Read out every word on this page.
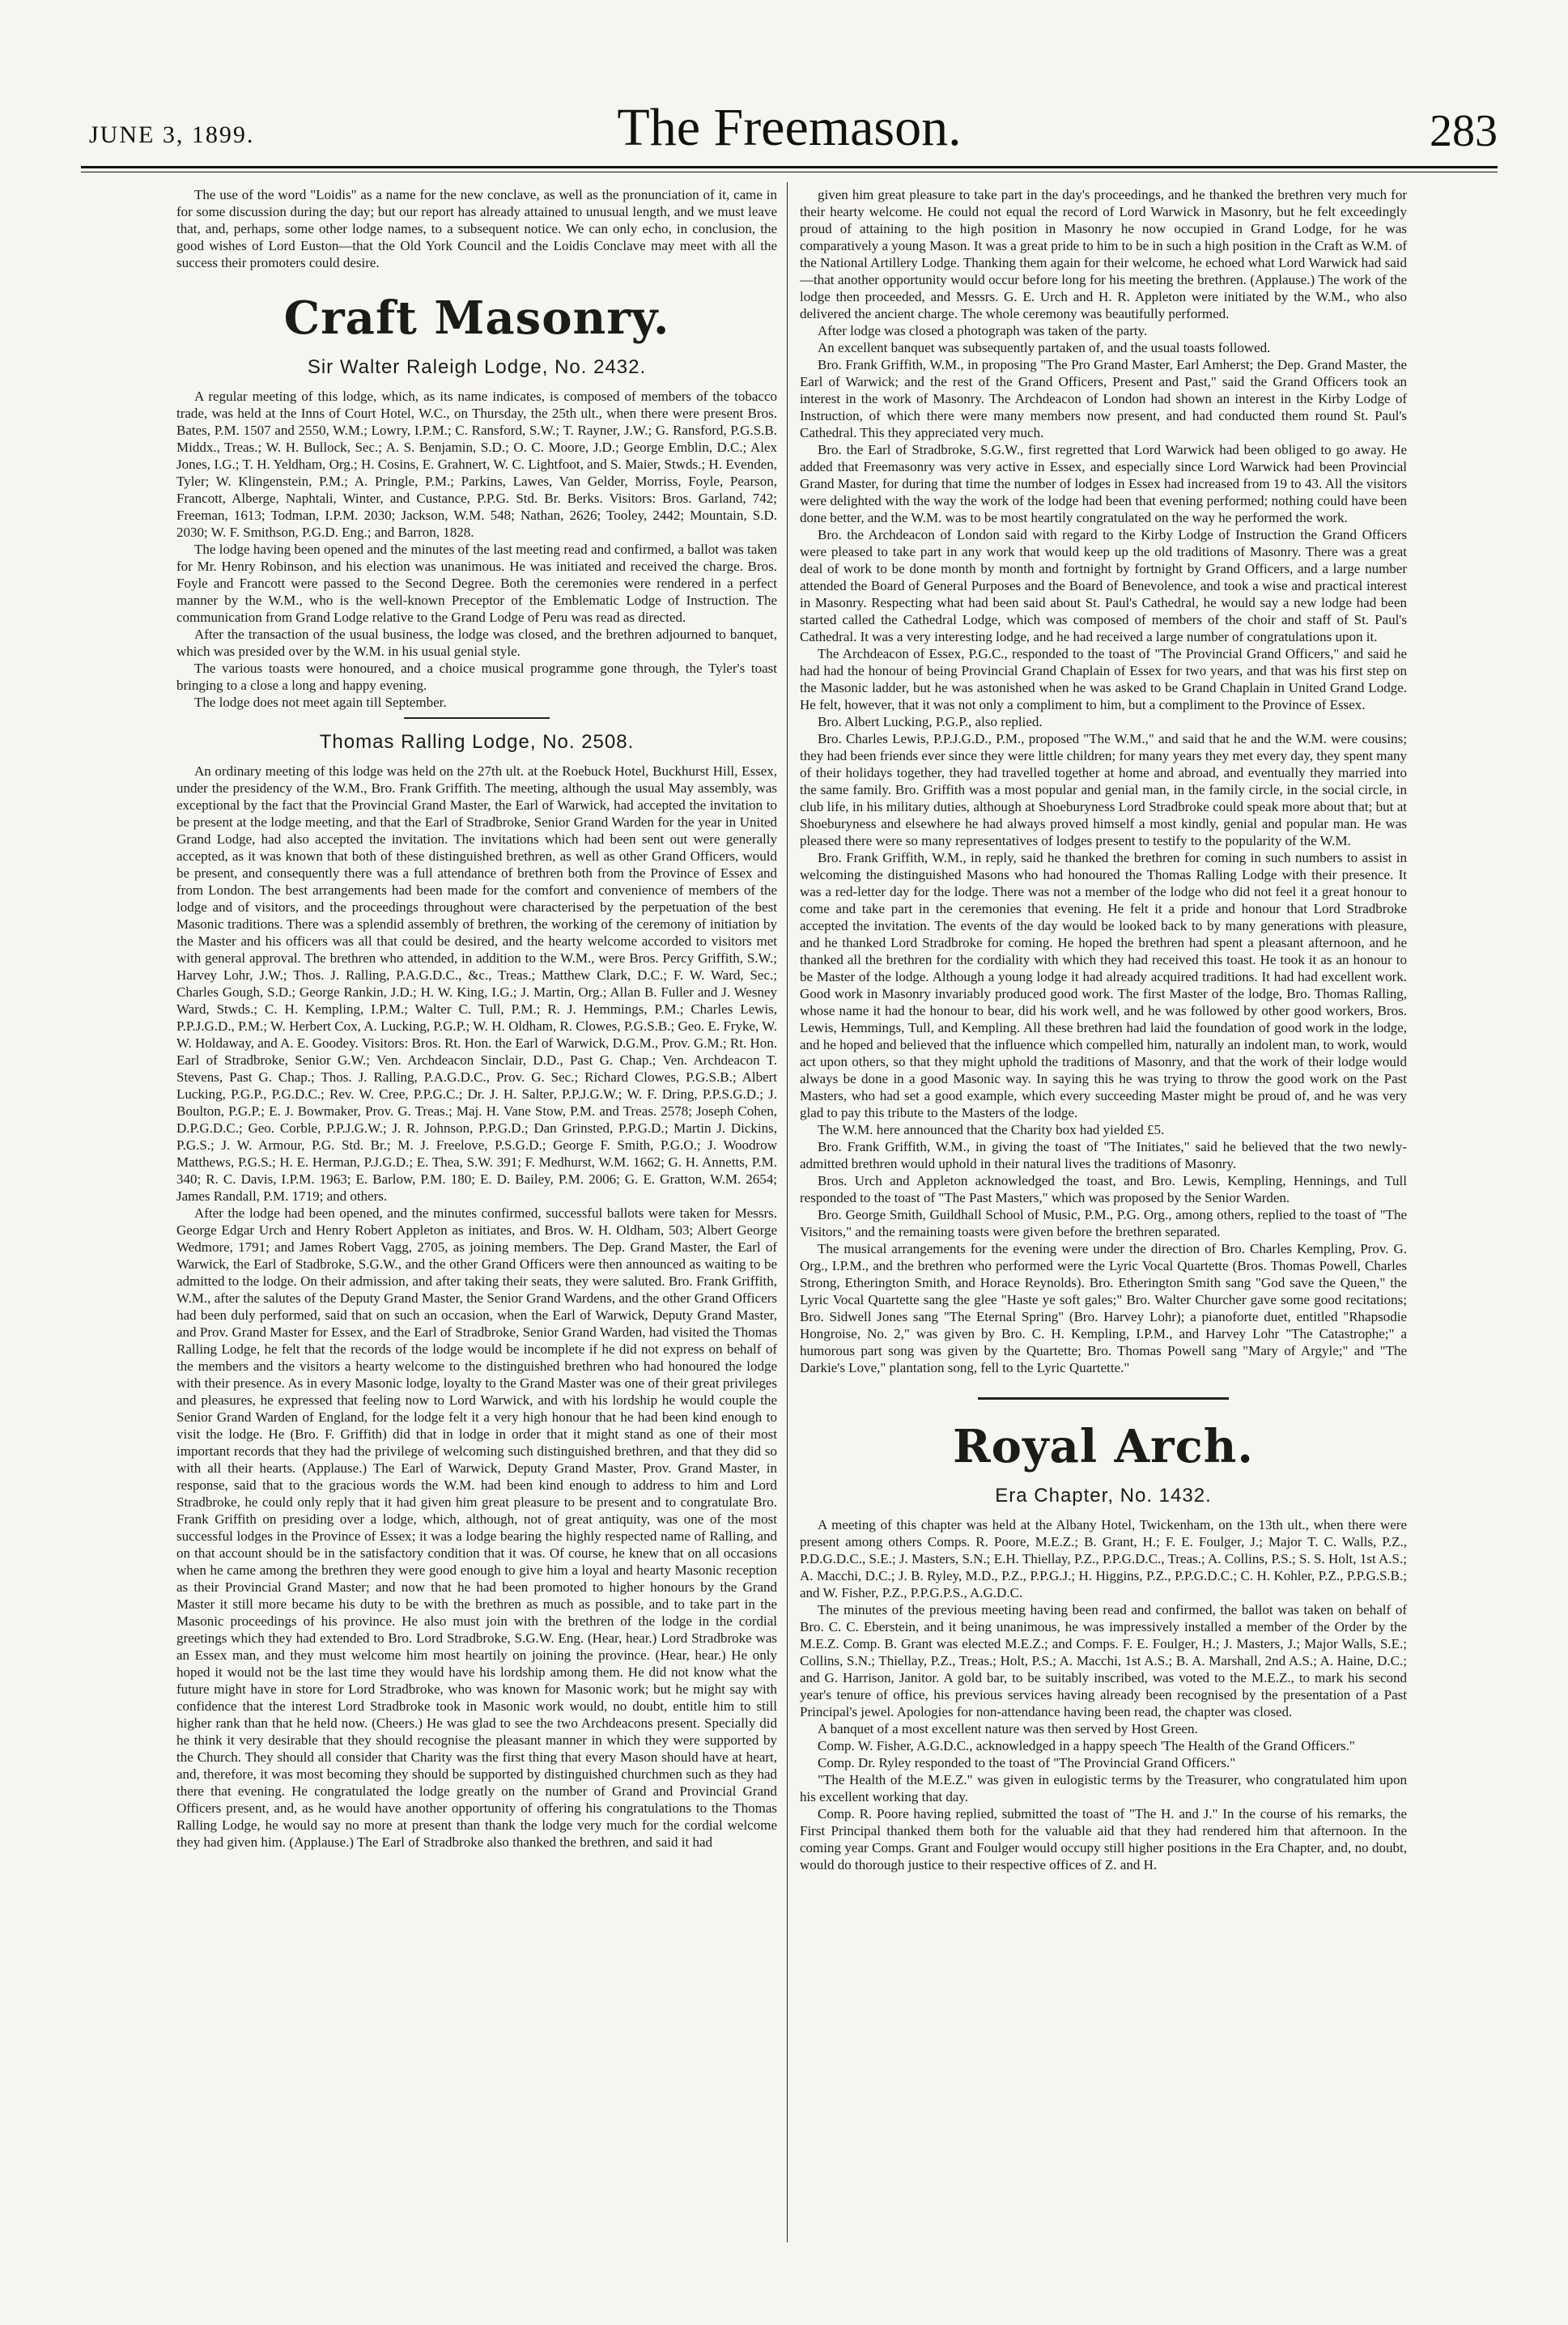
JUNE 3, 1899.	The Freemason.	283

The use of the word "Loidis" as a name for the new conclave, as well as the pronunciation of it, came in for some discussion during the day; but our report has already attained to unusual length, and we must leave that, and, perhaps, some other lodge names, to a subsequent notice. We can only echo, in conclusion, the good wishes of Lord Euston—that the Old York Council and the Loidis Conclave may meet with all the success their promoters could desire.

Craft Masonry.
Sir Walter Raleigh Lodge, No. 2432.

A regular meeting of this lodge, which, as its name indicates, is composed of members of the tobacco trade, was held at the Inns of Court Hotel, W.C., on Thursday, the 25th ult., when there were present Bros. Bates, P.M. 1507 and 2550, W.M.; Lowry, I.P.M.; C. Ransford, S.W.; T. Rayner, J.W.; G. Ransford, P.G.S.B. Middx., Treas.; W. H. Bullock, Sec.; A. S. Benjamin, S.D.; O. C. Moore, J.D.; George Emblin, D.C.; Alex Jones, I.G.; T. H. Yeldham, Org.; H. Cosins, E. Grahnert, W. C. Lightfoot, and S. Maier, Stwds.; H. Evenden, Tyler; W. Klingenstein, P.M.; A. Pringle, P.M.; Parkins, Lawes, Van Gelder, Morriss, Foyle, Pearson, Francott, Alberge, Naphtali, Winter, and Custance, P.P.G. Std. Br. Berks. Visitors: Bros. Garland, 742; Freeman, 1613; Todman, I.P.M. 2030; Jackson, W.M. 548; Nathan, 2626; Tooley, 2442; Mountain, S.D. 2030; W. F. Smithson, P.G.D. Eng.; and Barron, 1828.

The lodge having been opened and the minutes of the last meeting read and confirmed, a ballot was taken for Mr. Henry Robinson, and his election was unanimous. He was initiated and received the charge. Bros. Foyle and Francott were passed to the Second Degree. Both the ceremonies were rendered in a perfect manner by the W.M., who is the well-known Preceptor of the Emblematic Lodge of Instruction. The communication from Grand Lodge relative to the Grand Lodge of Peru was read as directed.

After the transaction of the usual business, the lodge was closed, and the brethren adjourned to banquet, which was presided over by the W.M. in his usual genial style.

The various toasts were honoured, and a choice musical programme gone through, the Tyler's toast bringing to a close a long and happy evening.

The lodge does not meet again till September.

Thomas Ralling Lodge, No. 2508.

An ordinary meeting of this lodge was held on the 27th ult. at the Roebuck Hotel, Buckhurst Hill, Essex, under the presidency of the W.M., Bro. Frank Griffith. The meeting, although the usual May assembly, was exceptional by the fact that the Provincial Grand Master, the Earl of Warwick, had accepted the invitation to be present at the lodge meeting, and that the Earl of Stradbroke, Senior Grand Warden for the year in United Grand Lodge, had also accepted the invitation. The invitations which had been sent out were generally accepted, as it was known that both of these distinguished brethren, as well as other Grand Officers, would be present, and consequently there was a full attendance of brethren both from the Province of Essex and from London. The best arrangements had been made for the comfort and convenience of members of the lodge and of visitors, and the proceedings throughout were characterised by the perpetuation of the best Masonic traditions. There was a splendid assembly of brethren, the working of the ceremony of initiation by the Master and his officers was all that could be desired, and the hearty welcome accorded to visitors met with general approval. The brethren who attended, in addition to the W.M., were Bros. Percy Griffith, S.W.; Harvey Lohr, J.W.; Thos. J. Ralling, P.A.G.D.C., &c., Treas.; Matthew Clark, D.C.; F. W. Ward, Sec.; Charles Gough, S.D.; George Rankin, J.D.; H. W. King, I.G.; J. Martin, Org.; Allan B. Fuller and J. Wesney Ward, Stwds.; C. H. Kempling, I.P.M.; Walter C. Tull, P.M.; R. J. Hemmings, P.M.; Charles Lewis, P.P.J.G.D., P.M.; W. Herbert Cox, A. Lucking, P.G.P.; W. H. Oldham, R. Clowes, P.G.S.B.; Geo. E. Fryke, W. W. Holdaway, and A. E. Goodey. Visitors: Bros. Rt. Hon. the Earl of Warwick, D.G.M., Prov. G.M.; Rt. Hon. Earl of Stradbroke, Senior G.W.; Ven. Archdeacon Sinclair, D.D., Past G. Chap.; Ven. Archdeacon T. Stevens, Past G. Chap.; Thos. J. Ralling, P.A.G.D.C., Prov. G. Sec.; Richard Clowes, P.G.S.B.; Albert Lucking, P.G.P., P.G.D.C.; Rev. W. Cree, P.P.G.C.; Dr. J. H. Salter, P.P.J.G.W.; W. F. Dring, P.P.S.G.D.; J. Boulton, P.G.P.; E. J. Bowmaker, Prov. G. Treas.; Maj. H. Vane Stow, P.M. and Treas. 2578; Joseph Cohen, D.P.G.D.C.; Geo. Corble, P.P.J.G.W.; J. R. Johnson, P.P.G.D.; Dan Grinsted, P.P.G.D.; Martin J. Dickins, P.G.S.; J. W. Armour, P.G. Std. Br.; M. J. Freelove, P.S.G.D.; George F. Smith, P.G.O.; J. Woodrow Matthews, P.G.S.; H. E. Herman, P.J.G.D.; E. Thea, S.W. 391; F. Medhurst, W.M. 1662; G. H. Annetts, P.M. 340; R. C. Davis, I.P.M. 1963; E. Barlow, P.M. 180; E. D. Bailey, P.M. 2006; G. E. Gratton, W.M. 2654; James Randall, P.M. 1719; and others.

After the lodge had been opened, and the minutes confirmed, successful ballots were taken for Messrs. George Edgar Urch and Henry Robert Appleton as initiates, and Bros. W. H. Oldham, 503; Albert George Wedmore, 1791; and James Robert Vagg, 2705, as joining members. The Dep. Grand Master, the Earl of Warwick, the Earl of Stadbroke, S.G.W., and the other Grand Officers were then announced as waiting to be admitted to the lodge. On their admission, and after taking their seats, they were saluted. Bro. Frank Griffith, W.M., after the salutes of the Deputy Grand Master, the Senior Grand Wardens, and the other Grand Officers had been duly performed, said that on such an occasion, when the Earl of Warwick, Deputy Grand Master, and Prov. Grand Master for Essex, and the Earl of Stradbroke, Senior Grand Warden, had visited the Thomas Ralling Lodge, he felt that the records of the lodge would be incomplete if he did not express on behalf of the members and the visitors a hearty welcome to the distinguished brethren who had honoured the lodge with their presence. As in every Masonic lodge, loyalty to the Grand Master was one of their great privileges and pleasures, he expressed that feeling now to Lord Warwick, and with his lordship he would couple the Senior Grand Warden of England, for the lodge felt it a very high honour that he had been kind enough to visit the lodge. He (Bro. F. Griffith) did that in lodge in order that it might stand as one of their most important records that they had the privilege of welcoming such distinguished brethren, and that they did so with all their hearts. (Applause.) The Earl of Warwick, Deputy Grand Master, Prov. Grand Master, in response, said that to the gracious words the W.M. had been kind enough to address to him and Lord Stradbroke, he could only reply that it had given him great pleasure to be present and to congratulate Bro. Frank Griffith on presiding over a lodge, which, although, not of great antiquity, was one of the most successful lodges in the Province of Essex; it was a lodge bearing the highly respected name of Ralling, and on that account should be in the satisfactory condition that it was. Of course, he knew that on all occasions when he came among the brethren they were good enough to give him a loyal and hearty Masonic reception as their Provincial Grand Master; and now that he had been promoted to higher honours by the Grand Master it still more became his duty to be with the brethren as much as possible, and to take part in the Masonic proceedings of his province. He also must join with the brethren of the lodge in the cordial greetings which they had extended to Bro. Lord Stradbroke, S.G.W. Eng. (Hear, hear.) Lord Stradbroke was an Essex man, and they must welcome him most heartily on joining the province. (Hear, hear.) He only hoped it would not be the last time they would have his lordship among them. He did not know what the future might have in store for Lord Stradbroke, who was known for Masonic work; but he might say with confidence that the interest Lord Stradbroke took in Masonic work would, no doubt, entitle him to still higher rank than that he held now. (Cheers.) He was glad to see the two Archdeacons present. Specially did he think it very desirable that they should recognise the pleasant manner in which they were supported by the Church. They should all consider that Charity was the first thing that every Mason should have at heart, and, therefore, it was most becoming they should be supported by distinguished churchmen such as they had there that evening. He congratulated the lodge greatly on the number of Grand and Provincial Grand Officers present, and, as he would have another opportunity of offering his congratulations to the Thomas Ralling Lodge, he would say no more at present than thank the lodge very much for the cordial welcome they had given him. (Applause.) The Earl of Stradbroke also thanked the brethren, and said it had

given him great pleasure to take part in the day's proceedings, and he thanked the brethren very much for their hearty welcome. He could not equal the record of Lord Warwick in Masonry, but he felt exceedingly proud of attaining to the high position in Masonry he now occupied in Grand Lodge, for he was comparatively a young Mason. It was a great pride to him to be in such a high position in the Craft as W.M. of the National Artillery Lodge. Thanking them again for their welcome, he echoed what Lord Warwick had said—that another opportunity would occur before long for his meeting the brethren. (Applause.) The work of the lodge then proceeded, and Messrs. G. E. Urch and H. R. Appleton were initiated by the W.M., who also delivered the ancient charge. The whole ceremony was beautifully performed.

After lodge was closed a photograph was taken of the party.

An excellent banquet was subsequently partaken of, and the usual toasts followed.

Bro. Frank Griffith, W.M., in proposing "The Pro Grand Master, Earl Amherst; the Dep. Grand Master, the Earl of Warwick; and the rest of the Grand Officers, Present and Past," said the Grand Officers took an interest in the work of Masonry. The Archdeacon of London had shown an interest in the Kirby Lodge of Instruction, of which there were many members now present, and had conducted them round St. Paul's Cathedral. This they appreciated very much.

Bro. the Earl of Stradbroke, S.G.W., first regretted that Lord Warwick had been obliged to go away. He added that Freemasonry was very active in Essex, and especially since Lord Warwick had been Provincial Grand Master, for during that time the number of lodges in Essex had increased from 19 to 43. All the visitors were delighted with the way the work of the lodge had been that evening performed; nothing could have been done better, and the W.M. was to be most heartily congratulated on the way he performed the work.

Bro. the Archdeacon of London said with regard to the Kirby Lodge of Instruction the Grand Officers were pleased to take part in any work that would keep up the old traditions of Masonry. There was a great deal of work to be done month by month and fortnight by fortnight by Grand Officers, and a large number attended the Board of General Purposes and the Board of Benevolence, and took a wise and practical interest in Masonry. Respecting what had been said about St. Paul's Cathedral, he would say a new lodge had been started called the Cathedral Lodge, which was composed of members of the choir and staff of St. Paul's Cathedral. It was a very interesting lodge, and he had received a large number of congratulations upon it.

The Archdeacon of Essex, P.G.C., responded to the toast of "The Provincial Grand Officers," and said he had had the honour of being Provincial Grand Chaplain of Essex for two years, and that was his first step on the Masonic ladder, but he was astonished when he was asked to be Grand Chaplain in United Grand Lodge. He felt, however, that it was not only a compliment to him, but a compliment to the Province of Essex.

Bro. Albert Lucking, P.G.P., also replied.

Bro. Charles Lewis, P.P.J.G.D., P.M., proposed "The W.M.," and said that he and the W.M. were cousins; they had been friends ever since they were little children; for many years they met every day, they spent many of their holidays together, they had travelled together at home and abroad, and eventually they married into the same family. Bro. Griffith was a most popular and genial man, in the family circle, in the social circle, in club life, in his military duties, although at Shoeburyness Lord Stradbroke could speak more about that; but at Shoeburyness and elsewhere he had always proved himself a most kindly, genial and popular man. He was pleased there were so many representatives of lodges present to testify to the popularity of the W.M.

Bro. Frank Griffith, W.M., in reply, said he thanked the brethren for coming in such numbers to assist in welcoming the distinguished Masons who had honoured the Thomas Ralling Lodge with their presence. It was a red-letter day for the lodge. There was not a member of the lodge who did not feel it a great honour to come and take part in the ceremonies that evening. He felt it a pride and honour that Lord Stradbroke accepted the invitation. The events of the day would be looked back to by many generations with pleasure, and he thanked Lord Stradbroke for coming. He hoped the brethren had spent a pleasant afternoon, and he thanked all the brethren for the cordiality with which they had received this toast. He took it as an honour to be Master of the lodge. Although a young lodge it had already acquired traditions. It had had excellent work. Good work in Masonry invariably produced good work. The first Master of the lodge, Bro. Thomas Ralling, whose name it had the honour to bear, did his work well, and he was followed by other good workers, Bros. Lewis, Hemmings, Tull, and Kempling. All these brethren had laid the foundation of good work in the lodge, and he hoped and believed that the influence which compelled him, naturally an indolent man, to work, would act upon others, so that they might uphold the traditions of Masonry, and that the work of their lodge would always be done in a good Masonic way. In saying this he was trying to throw the good work on the Past Masters, who had set a good example, which every succeeding Master might be proud of, and he was very glad to pay this tribute to the Masters of the lodge.

The W.M. here announced that the Charity box had yielded £5.

Bro. Frank Griffith, W.M., in giving the toast of "The Initiates," said he believed that the two newly-admitted brethren would uphold in their natural lives the traditions of Masonry.

Bros. Urch and Appleton acknowledged the toast, and Bro. Lewis, Kempling, Hennings, and Tull responded to the toast of "The Past Masters," which was proposed by the Senior Warden.

Bro. George Smith, Guildhall School of Music, P.M., P.G. Org., among others, replied to the toast of "The Visitors," and the remaining toasts were given before the brethren separated.

The musical arrangements for the evening were under the direction of Bro. Charles Kempling, Prov. G. Org., I.P.M., and the brethren who performed were the Lyric Vocal Quartette (Bros. Thomas Powell, Charles Strong, Etherington Smith, and Horace Reynolds). Bro. Etherington Smith sang "God save the Queen," the Lyric Vocal Quartette sang the glee "Haste ye soft gales;" Bro. Walter Churcher gave some good recitations; Bro. Sidwell Jones sang "The Eternal Spring" (Bro. Harvey Lohr); a pianoforte duet, entitled "Rhapsodie Hongroise, No. 2," was given by Bro. C. H. Kempling, I.P.M., and Harvey Lohr "The Catastrophe;" a humorous part song was given by the Quartette; Bro. Thomas Powell sang "Mary of Argyle;" and "The Darkie's Love," plantation song, fell to the Lyric Quartette."

Royal Arch.
Era Chapter, No. 1432.

A meeting of this chapter was held at the Albany Hotel, Twickenham, on the 13th ult., when there were present among others Comps. R. Poore, M.E.Z.; B. Grant, H.; F. E. Foulger, J.; Major T. C. Walls, P.Z., P.D.G.D.C., S.E.; J. Masters, S.N.; E.H. Thiellay, P.Z., P.P.G.D.C., Treas.; A. Collins, P.S.; S. S. Holt, 1st A.S.; A. Macchi, D.C.; J. B. Ryley, M.D., P.Z., P.P.G.J.; H. Higgins, P.Z., P.P.G.D.C.; C. H. Kohler, P.Z., P.P.G.S.B.; and W. Fisher, P.Z., P.P.G.P.S., A.G.D.C.

The minutes of the previous meeting having been read and confirmed, the ballot was taken on behalf of Bro. C. C. Eberstein, and it being unanimous, he was impressively installed a member of the Order by the M.E.Z. Comp. B. Grant was elected M.E.Z.; and Comps. F. E. Foulger, H.; J. Masters, J.; Major Walls, S.E.; Collins, S.N.; Thiellay, P.Z., Treas.; Holt, P.S.; A. Macchi, 1st A.S.; B. A. Marshall, 2nd A.S.; A. Haine, D.C.; and G. Harrison, Janitor. A gold bar, to be suitably inscribed, was voted to the M.E.Z., to mark his second year's tenure of office, his previous services having already been recognised by the presentation of a Past Principal's jewel. Apologies for non-attendance having been read, the chapter was closed.

A banquet of a most excellent nature was then served by Host Green.

Comp. W. Fisher, A.G.D.C., acknowledged in a happy speech 'The Health of the Grand Officers."

Comp. Dr. Ryley responded to the toast of "The Provincial Grand Officers."

"The Health of the M.E.Z." was given in eulogistic terms by the Treasurer, who congratulated him upon his excellent working that day.

Comp. R. Poore having replied, submitted the toast of "The H. and J." In the course of his remarks, the First Principal thanked them both for the valuable aid that they had rendered him that afternoon. In the coming year Comps. Grant and Foulger would occupy still higher positions in the Era Chapter, and, no doubt, would do thorough justice to their respective offices of Z. and H.
